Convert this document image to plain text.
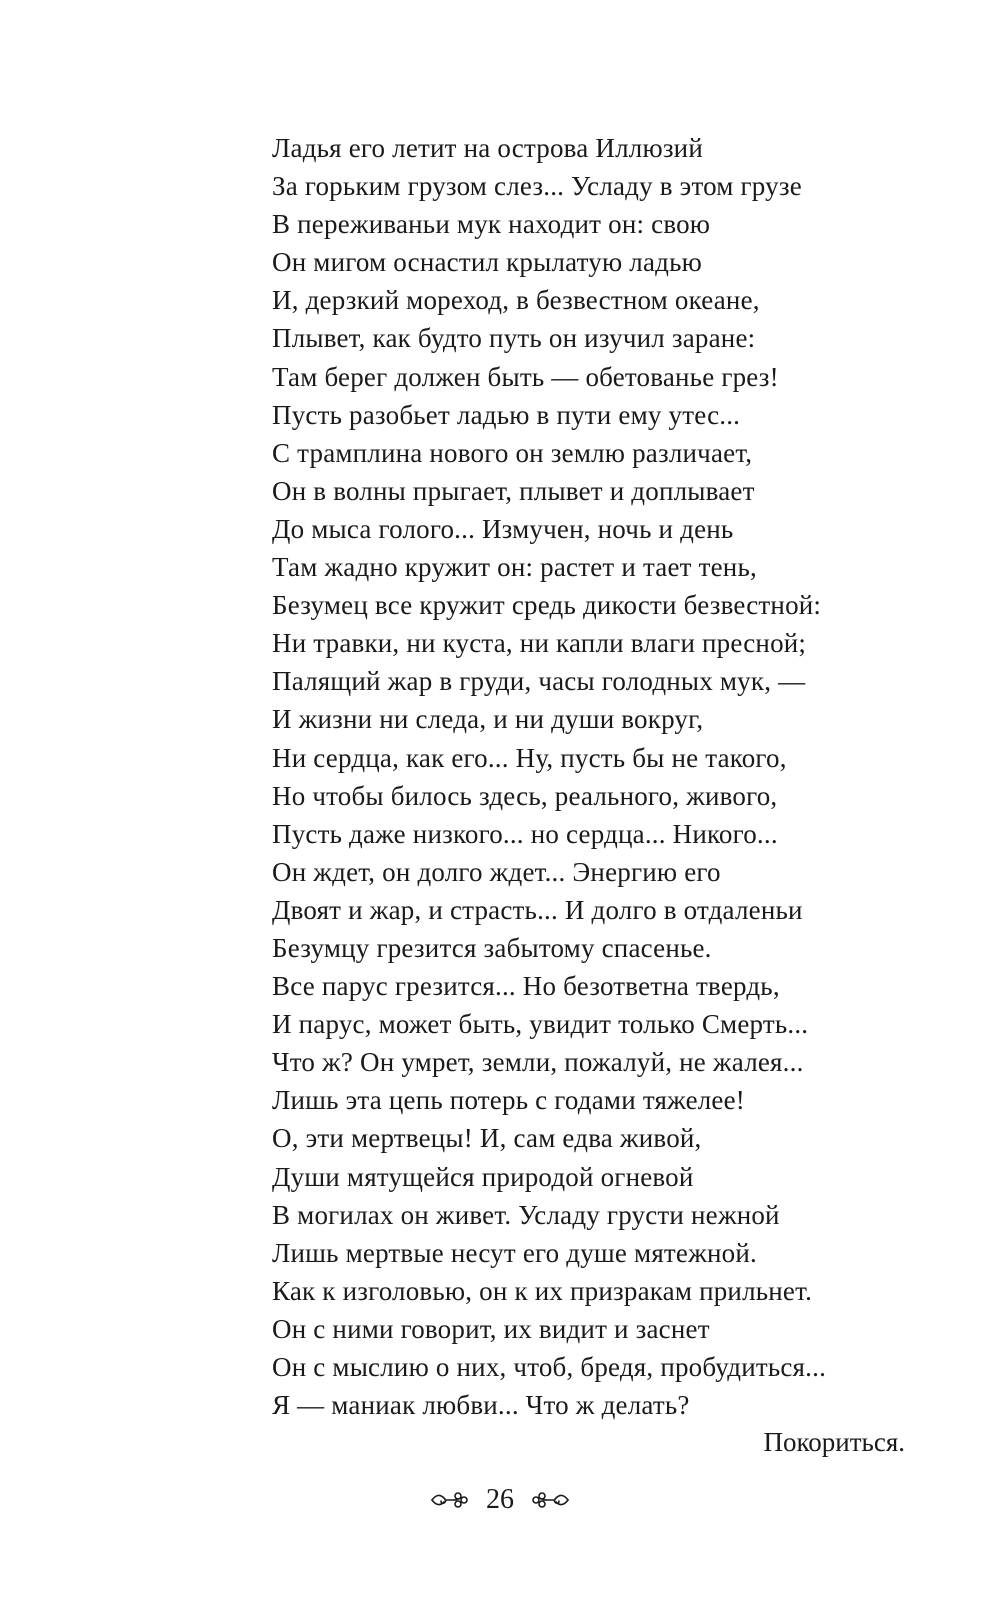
Ладья его летит на острова Иллюзий
За горьким грузом слез... Усладу в этом грузе
В переживаньи мук находит он: свою
Он мигом оснастил крылатую ладью
И, дерзкий мореход, в безвестном океане,
Плывет, как будто путь он изучил заране:
Там берег должен быть — обетованье грез!
Пусть разобьет ладью в пути ему утес...
С трамплина нового он землю различает,
Он в волны прыгает, плывет и доплывает
До мыса голого... Измучен, ночь и день
Там жадно кружит он: растет и тает тень,
Безумец все кружит средь дикости безвестной:
Ни травки, ни куста, ни капли влаги пресной;
Палящий жар в груди, часы голодных мук, —
И жизни ни следа, и ни души вокруг,
Ни сердца, как его... Ну, пусть бы не такого,
Но чтобы билось здесь, реального, живого,
Пусть даже низкого... но сердца... Никого...
Он ждет, он долго ждет... Энергию его
Двоят и жар, и страсть... И долго в отдаленьи
Безумцу грезится забытому спасенье.
Все парус грезится... Но безответна твердь,
И парус, может быть, увидит только Смерть...
Что ж? Он умрет, земли, пожалуй, не жалея...
Лишь эта цепь потерь с годами тяжелее!
О, эти мертвецы! И, сам едва живой,
Души мятущейся природой огневой
В могилах он живет. Усладу грусти нежной
Лишь мертвые несут его душе мятежной.
Как к изголовью, он к их призракам прильнет.
Он с ними говорит, их видит и заснет
Он с мыслию о них, чтоб, бредя, пробудиться...
Я — маниак любви... Что ж делать?
Покориться.
26
